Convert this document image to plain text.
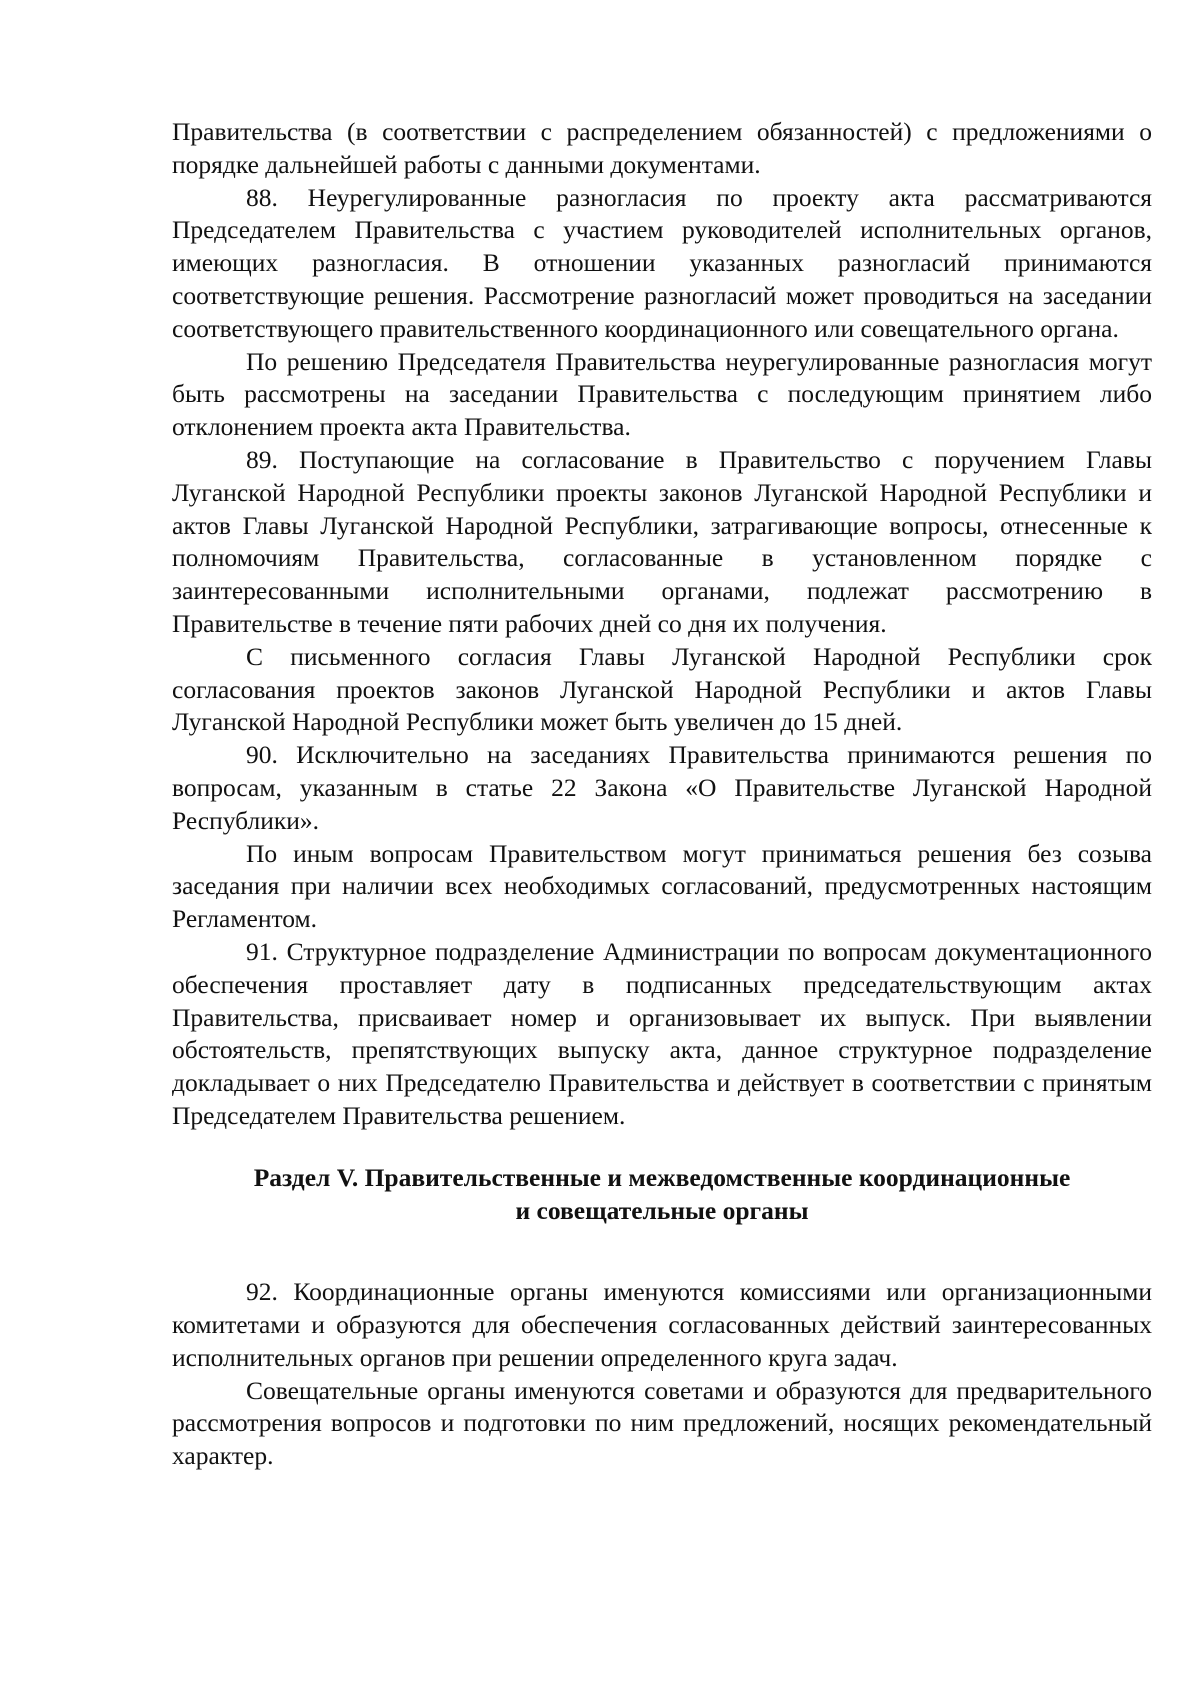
Правительства (в соответствии с распределением обязанностей) с предложениями о порядке дальнейшей работы с данными документами.

88. Неурегулированные разногласия по проекту акта рассматриваются Председателем Правительства с участием руководителей исполнительных органов, имеющих разногласия. В отношении указанных разногласий принимаются соответствующие решения. Рассмотрение разногласий может проводиться на заседании соответствующего правительственного координационного или совещательного органа.

По решению Председателя Правительства неурегулированные разногласия могут быть рассмотрены на заседании Правительства с последующим принятием либо отклонением проекта акта Правительства.

89. Поступающие на согласование в Правительство с поручением Главы Луганской Народной Республики проекты законов Луганской Народной Республики и актов Главы Луганской Народной Республики, затрагивающие вопросы, отнесенные к полномочиям Правительства, согласованные в установленном порядке с заинтересованными исполнительными органами, подлежат рассмотрению в Правительстве в течение пяти рабочих дней со дня их получения.

С письменного согласия Главы Луганской Народной Республики срок согласования проектов законов Луганской Народной Республики и актов Главы Луганской Народной Республики может быть увеличен до 15 дней.

90. Исключительно на заседаниях Правительства принимаются решения по вопросам, указанным в статье 22 Закона «О Правительстве Луганской Народной Республики».

По иным вопросам Правительством могут приниматься решения без созыва заседания при наличии всех необходимых согласований, предусмотренных настоящим Регламентом.

91. Структурное подразделение Администрации по вопросам документационного обеспечения проставляет дату в подписанных председательствующим актах Правительства, присваивает номер и организовывает их выпуск. При выявлении обстоятельств, препятствующих выпуску акта, данное структурное подразделение докладывает о них Председателю Правительства и действует в соответствии с принятым Председателем Правительства решением.

Раздел V. Правительственные и межведомственные координационные
и совещательные органы

92. Координационные органы именуются комиссиями или организационными комитетами и образуются для обеспечения согласованных действий заинтересованных исполнительных органов при решении определенного круга задач.

Совещательные органы именуются советами и образуются для предварительного рассмотрения вопросов и подготовки по ним предложений, носящих рекомендательный характер.
